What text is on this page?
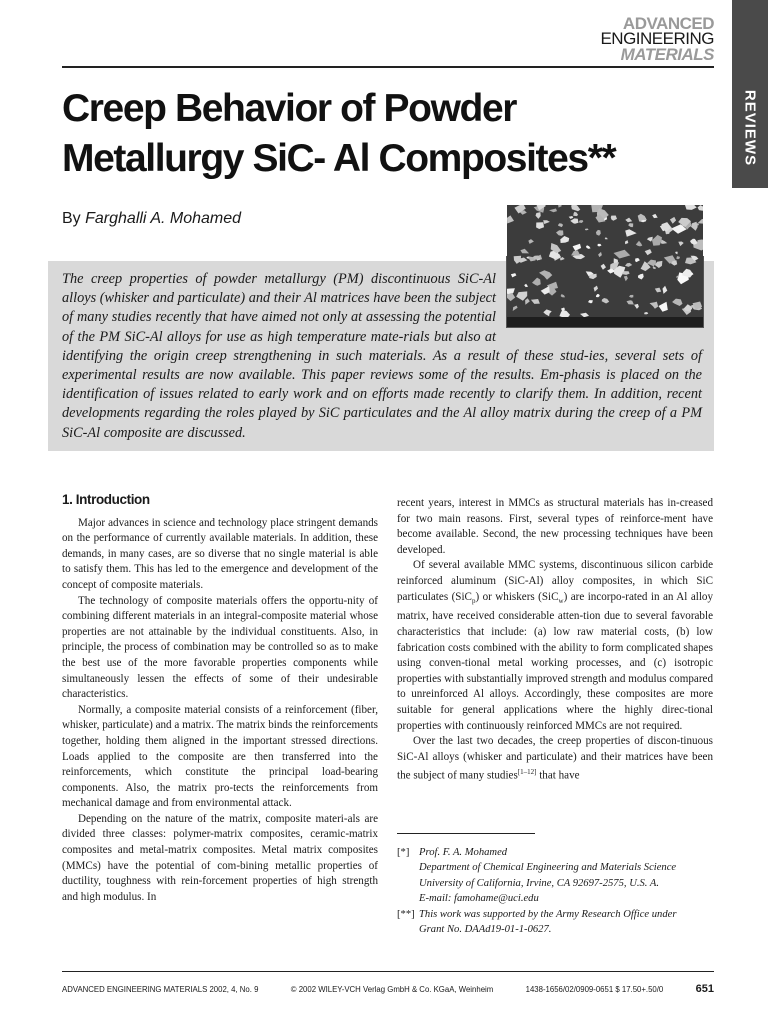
ADVANCED
ENGINEERING
MATERIALS
REVIEWS
Creep Behavior of Powder Metallurgy SiC- Al Composites**
By Farghalli A. Mohamed
The creep properties of powder metallurgy (PM) discontinuous SiC-Al alloys (whisker and particulate) and their Al matrices have been the subject of many studies recently that have aimed not only at assessing the potential of the PM SiC-Al alloys for use as high temperature mate-rials but also at identifying the origin creep strengthening in such materials. As a result of these stud-ies, several sets of experimental results are now available. This paper reviews some of the results. Em-phasis is placed on the identification of issues related to early work and on efforts made recently to clarify them. In addition, recent developments regarding the roles played by SiC particulates and the Al alloy matrix during the creep of a PM SiC-Al composite are discussed.
1. Introduction

Major advances in science and technology place stringent demands on the performance of currently available materials. In addition, these demands, in many cases, are so diverse that no single material is able to satisfy them. This has led to the emergence and development of the concept of composite materials.

The technology of composite materials offers the opportu-nity of combining different materials in an integral-composite material whose properties are not attainable by the individual constituents. Also, in principle, the process of combination may be controlled so as to make the best use of the more favorable properties components while simultaneously lessen the effects of some of their undesirable characteristics.

Normally, a composite material consists of a reinforcement (fiber, whisker, particulate) and a matrix. The matrix binds the reinforcements together, holding them aligned in the important stressed directions. Loads applied to the composite are then transferred into the reinforcements, which constitute the principal load-bearing components. Also, the matrix pro-tects the reinforcements from mechanical damage and from environmental attack.

Depending on the nature of the matrix, composite materi-als are divided three classes: polymer-matrix composites, ceramic-matrix composites and metal-matrix composites. Metal matrix composites (MMCs) have the potential of com-bining metallic properties of ductility, toughness with rein-forcement properties of high strength and high modulus. In

recent years, interest in MMCs as structural materials has in-creased for two main reasons. First, several types of reinforce-ment have become available. Second, the new processing techniques have been developed.

Of several available MMC systems, discontinuous silicon carbide reinforced aluminum (SiC-Al) alloy composites, in which SiC particulates (SiC$_p$) or whiskers (SiC$_w$) are incorpo-rated in an Al alloy matrix, have received considerable atten-tion due to several favorable characteristics that include: (a) low raw material costs, (b) low fabrication costs combined with the ability to form complicated shapes using conven-tional metal working processes, and (c) isotropic properties with substantially improved strength and modulus compared to unreinforced Al alloys. Accordingly, these composites are more suitable for general applications where the highly direc-tional properties with continuously reinforced MMCs are not required.

Over the last two decades, the creep properties of discon-tinuous SiC-Al alloys (whisker and particulate) and their matrices have been the subject of many studies[1–12] that have

[*] Prof. F. A. Mohamed
Department of Chemical Engineering and Materials Science
University of California, Irvine, CA 92697-2575, U.S. A.
E-mail: famohame@uci.edu
[**] This work was supported by the Army Research Office under
Grant No. DAAd19-01-1-0627.
ADVANCED ENGINEERING MATERIALS 2002, 4, No. 9	© 2002 WILEY-VCH Verlag GmbH & Co. KGaA, Weinheim	1438-1656/02/0909-0651 $ 17.50+.50/0	651
